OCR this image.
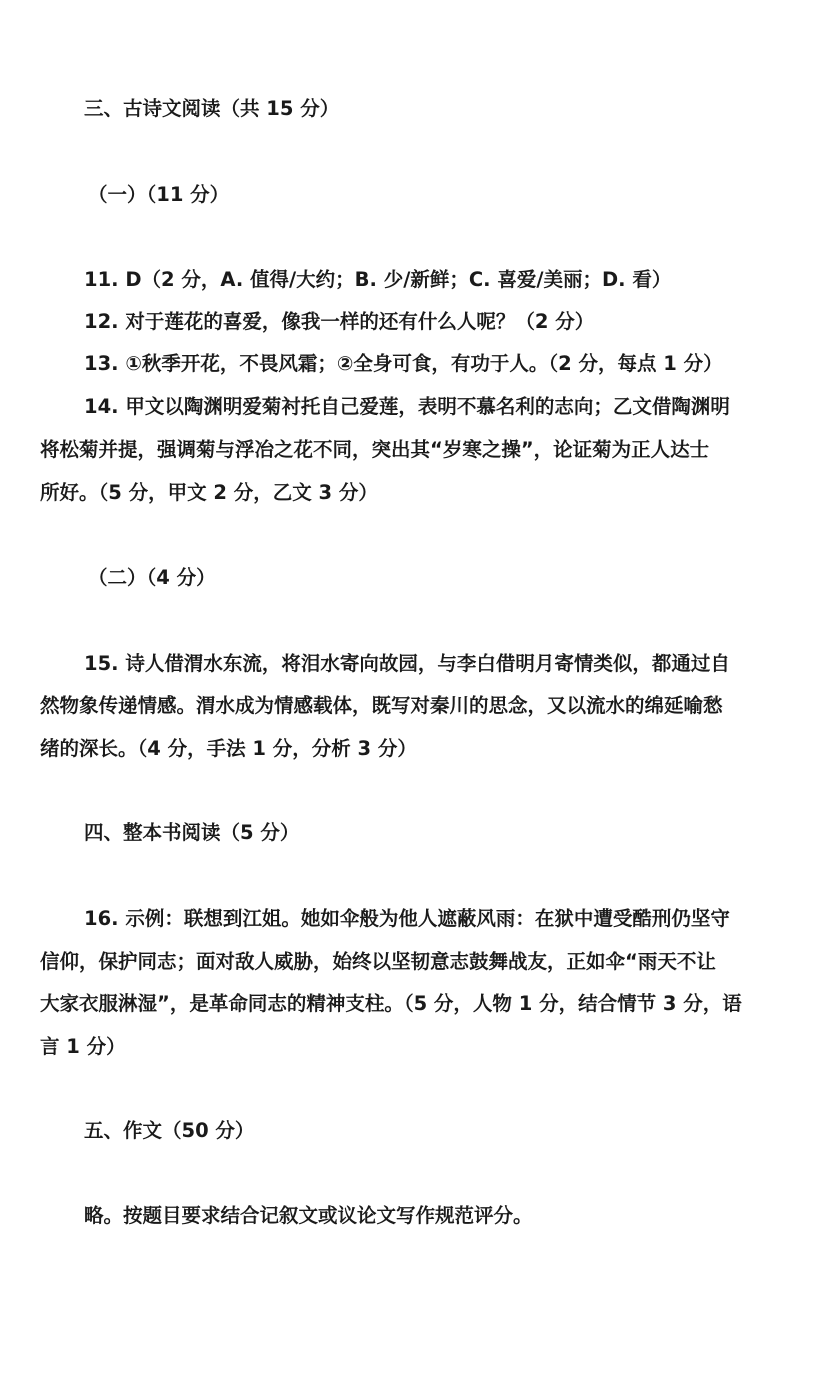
三、古诗文阅读（共 15 分）
（一）（11 分）
11. D（2 分，A. 值得/大约；B. 少/新鲜；C. 喜爱/美丽；D. 看）
12. 对于莲花的喜爱，像我一样的还有什么人呢？（2 分）
13. ①秋季开花，不畏风霜；②全身可食，有功于人。（2 分，每点 1 分）
14. 甲文以陶渊明爱菊衬托自己爱莲，表明不慕名利的志向；乙文借陶渊明
将松菊并提，强调菊与浮冶之花不同，突出其“岁寒之操”，论证菊为正人达士
所好。（5 分，甲文 2 分，乙文 3 分）
（二）（4 分）
15. 诗人借渭水东流，将泪水寄向故园，与李白借明月寄情类似，都通过自
然物象传递情感。渭水成为情感载体，既写对秦川的思念，又以流水的绵延喻愁
绪的深长。（4 分，手法 1 分，分析 3 分）
四、整本书阅读（5 分）
16. 示例：联想到江姐。她如伞般为他人遮蔽风雨：在狱中遭受酷刑仍坚守
信仰，保护同志；面对敌人威胁，始终以坚韧意志鼓舞战友，正如伞“雨天不让
大家衣服淋湿”，是革命同志的精神支柱。（5 分，人物 1 分，结合情节 3 分，语
言 1 分）
五、作文（50 分）
略。按题目要求结合记叙文或议论文写作规范评分。
